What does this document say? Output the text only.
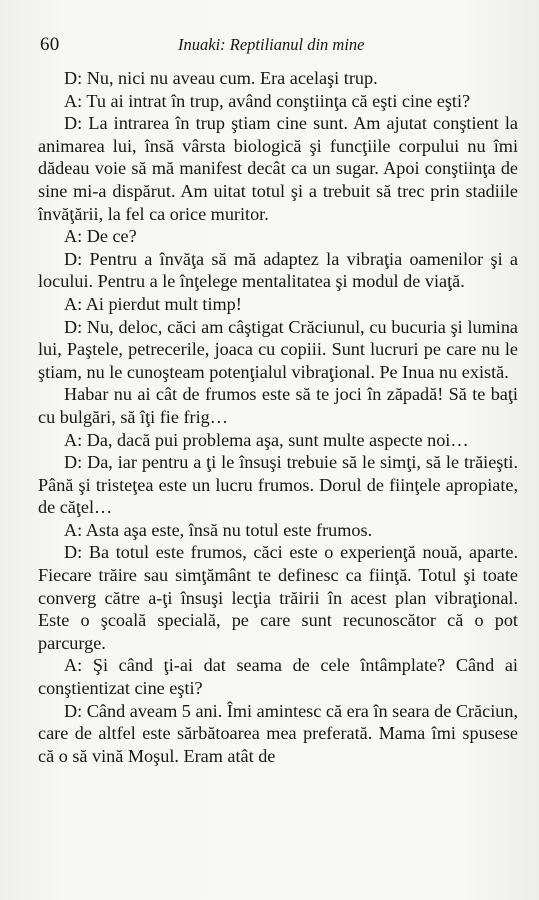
60	Inuaki: Reptilianul din mine

D: Nu, nici nu aveau cum. Era acelaşi trup.

A: Tu ai intrat în trup, având conştiinţa că eşti cine eşti?

D: La intrarea în trup ştiam cine sunt. Am ajutat conştient la animarea lui, însă vârsta biologică şi funcţiile corpului nu îmi dădeau voie să mă manifest decât ca un sugar. Apoi conştiinţa de sine mi-a dispărut. Am uitat totul şi a trebuit să trec prin stadiile învăţării, la fel ca orice muritor.

A: De ce?

D: Pentru a învăţa să mă adaptez la vibraţia oamenilor şi a locului. Pentru a le înţelege mentalitatea şi modul de viaţă.

A: Ai pierdut mult timp!

D: Nu, deloc, căci am câştigat Crăciunul, cu bucuria şi lumina lui, Paştele, petrecerile, joaca cu copiii. Sunt lucruri pe care nu le ştiam, nu le cunoşteam potenţialul vibraţional. Pe Inua nu există.

Habar nu ai cât de frumos este să te joci în zăpadă! Să te baţi cu bulgări, să îţi fie frig…

A: Da, dacă pui problema aşa, sunt multe aspecte noi…

D: Da, iar pentru a ţi le însuşi trebuie să le simţi, să le trăieşti. Până şi tristeţea este un lucru frumos. Dorul de fiinţele apropiate, de căţel…

A: Asta aşa este, însă nu totul este frumos.

D: Ba totul este frumos, căci este o experienţă nouă, aparte. Fiecare trăire sau simţământ te definesc ca fiinţă. Totul şi toate converg către a-ţi însuşi lecţia trăirii în acest plan vibraţional. Este o şcoală specială, pe care sunt recunoscător că o pot parcurge.

A: Şi când ţi-ai dat seama de cele întâmplate? Când ai conştientizat cine eşti?

D: Când aveam 5 ani. Îmi amintesc că era în seara de Crăciun, care de altfel este sărbătoarea mea preferată. Mama îmi spusese că o să vină Moşul. Eram atât de
